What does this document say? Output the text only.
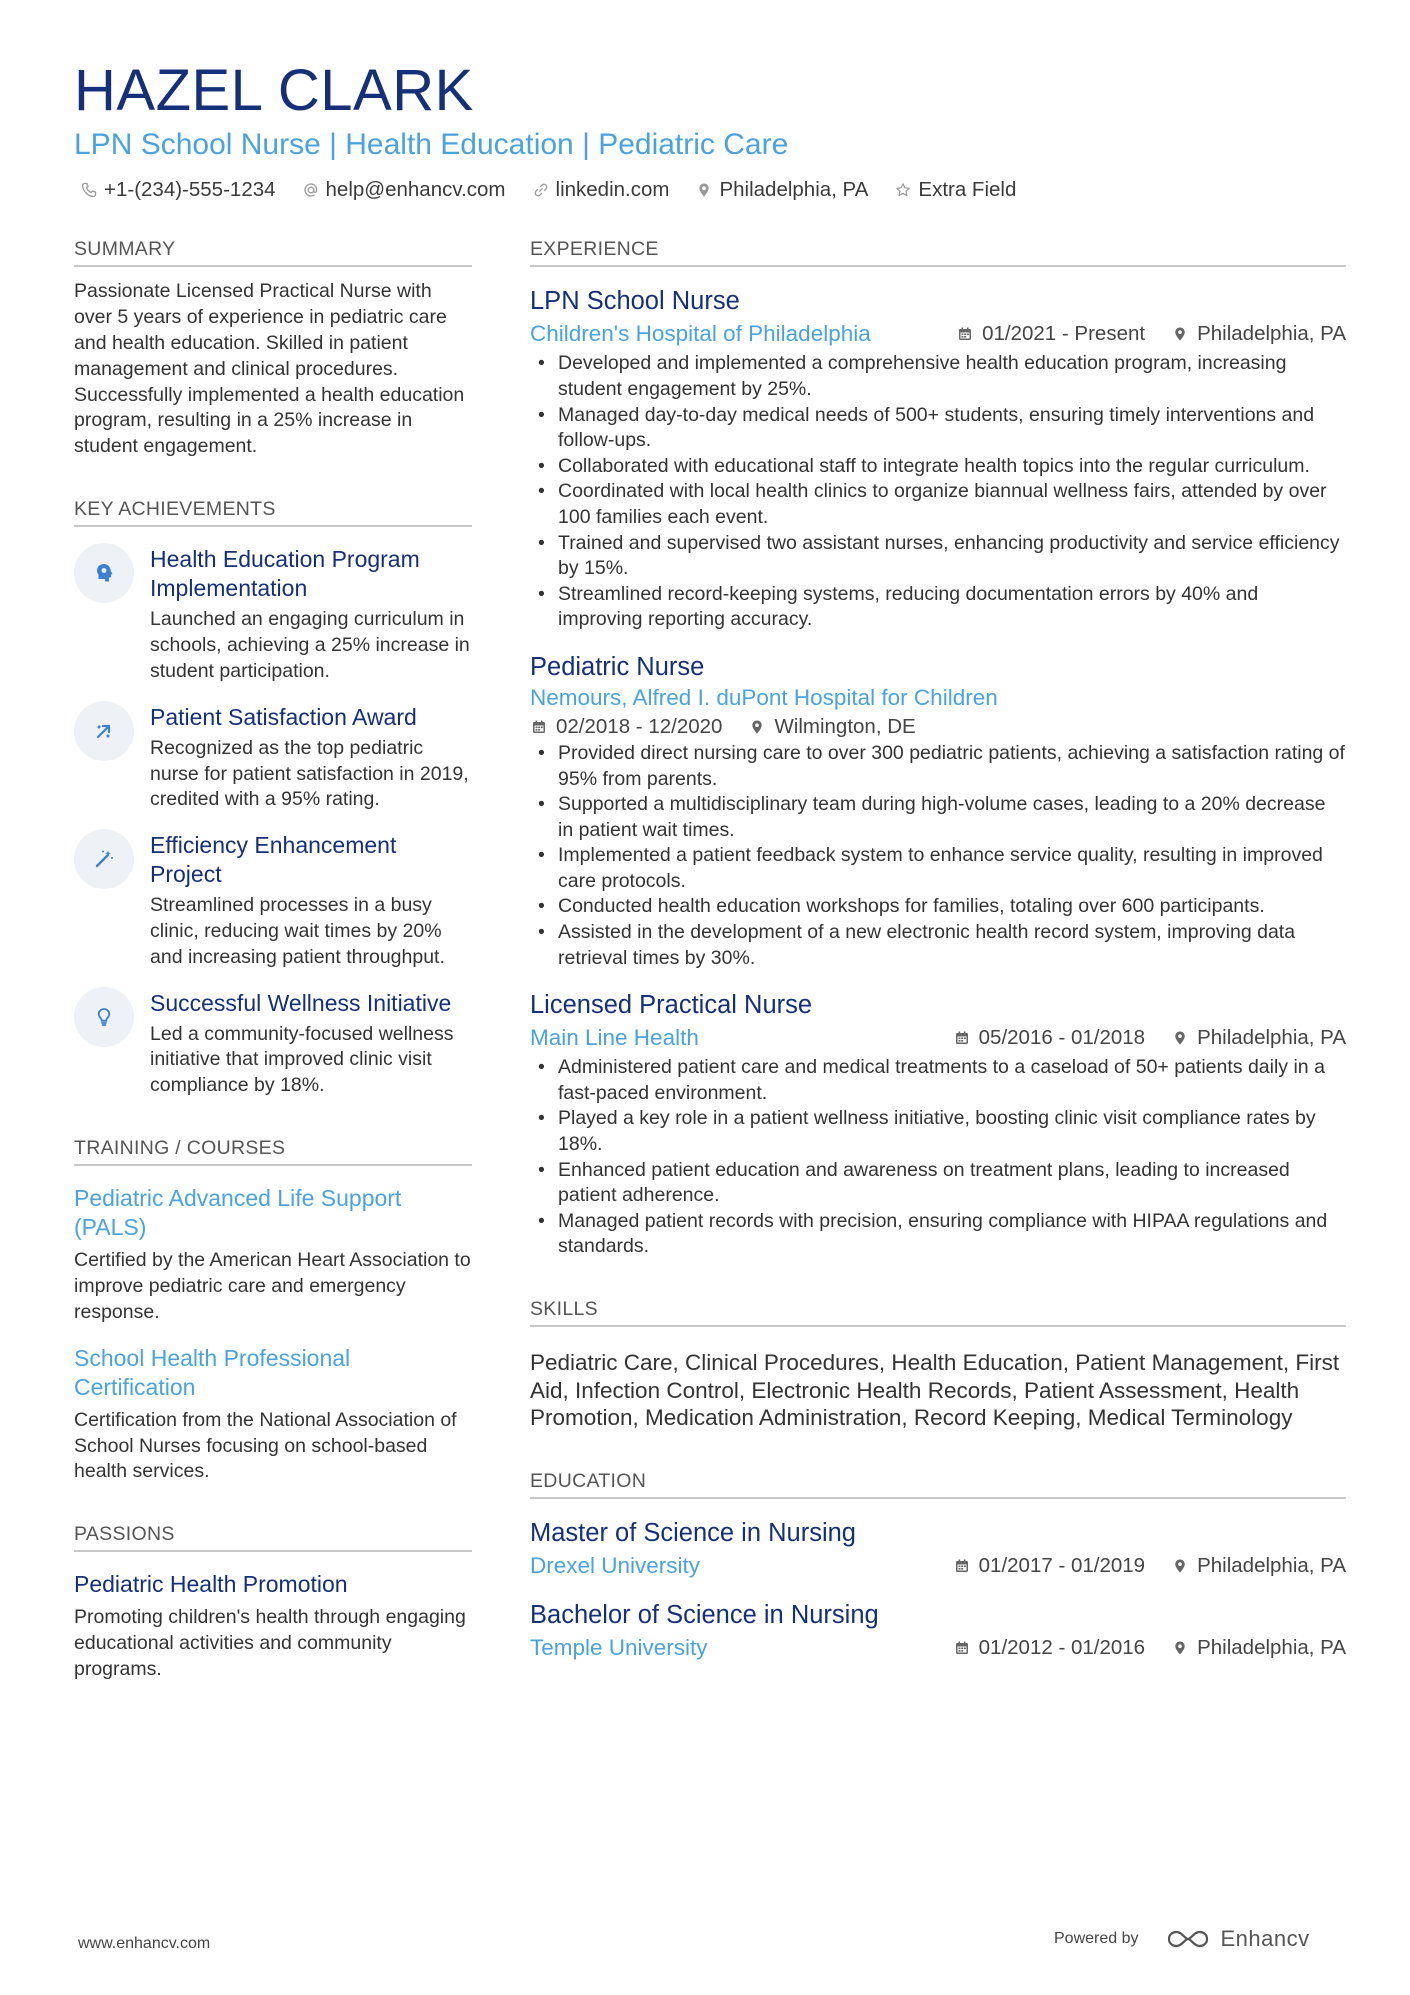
HAZEL CLARK
LPN School Nurse | Health Education | Pediatric Care
+1-(234)-555-1234 help@enhancv.com linkedin.com Philadelphia, PA Extra Field
SUMMARY
Passionate Licensed Practical Nurse with over 5 years of experience in pediatric care and health education. Skilled in patient management and clinical procedures. Successfully implemented a health education program, resulting in a 25% increase in student engagement.
KEY ACHIEVEMENTS
Health Education Program Implementation
Launched an engaging curriculum in schools, achieving a 25% increase in student participation.
Patient Satisfaction Award
Recognized as the top pediatric nurse for patient satisfaction in 2019, credited with a 95% rating.
Efficiency Enhancement Project
Streamlined processes in a busy clinic, reducing wait times by 20% and increasing patient throughput.
Successful Wellness Initiative
Led a community-focused wellness initiative that improved clinic visit compliance by 18%.
TRAINING / COURSES
Pediatric Advanced Life Support (PALS)
Certified by the American Heart Association to improve pediatric care and emergency response.
School Health Professional Certification
Certification from the National Association of School Nurses focusing on school-based health services.
PASSIONS
Pediatric Health Promotion
Promoting children's health through engaging educational activities and community programs.
EXPERIENCE
LPN School Nurse
Children's Hospital of Philadelphia	01/2021 - Present	Philadelphia, PA
• Developed and implemented a comprehensive health education program, increasing student engagement by 25%.
• Managed day-to-day medical needs of 500+ students, ensuring timely interventions and follow-ups.
• Collaborated with educational staff to integrate health topics into the regular curriculum.
• Coordinated with local health clinics to organize biannual wellness fairs, attended by over 100 families each event.
• Trained and supervised two assistant nurses, enhancing productivity and service efficiency by 15%.
• Streamlined record-keeping systems, reducing documentation errors by 40% and improving reporting accuracy.
Pediatric Nurse
Nemours, Alfred I. duPont Hospital for Children
02/2018 - 12/2020	Wilmington, DE
• Provided direct nursing care to over 300 pediatric patients, achieving a satisfaction rating of 95% from parents.
• Supported a multidisciplinary team during high-volume cases, leading to a 20% decrease in patient wait times.
• Implemented a patient feedback system to enhance service quality, resulting in improved care protocols.
• Conducted health education workshops for families, totaling over 600 participants.
• Assisted in the development of a new electronic health record system, improving data retrieval times by 30%.
Licensed Practical Nurse
Main Line Health	05/2016 - 01/2018	Philadelphia, PA
• Administered patient care and medical treatments to a caseload of 50+ patients daily in a fast-paced environment.
• Played a key role in a patient wellness initiative, boosting clinic visit compliance rates by 18%.
• Enhanced patient education and awareness on treatment plans, leading to increased patient adherence.
• Managed patient records with precision, ensuring compliance with HIPAA regulations and standards.
SKILLS
Pediatric Care, Clinical Procedures, Health Education, Patient Management, First Aid, Infection Control, Electronic Health Records, Patient Assessment, Health Promotion, Medication Administration, Record Keeping, Medical Terminology
EDUCATION
Master of Science in Nursing
Drexel University	01/2017 - 01/2019	Philadelphia, PA
Bachelor of Science in Nursing
Temple University	01/2012 - 01/2016	Philadelphia, PA
www.enhancv.com	Powered by	Enhancv
